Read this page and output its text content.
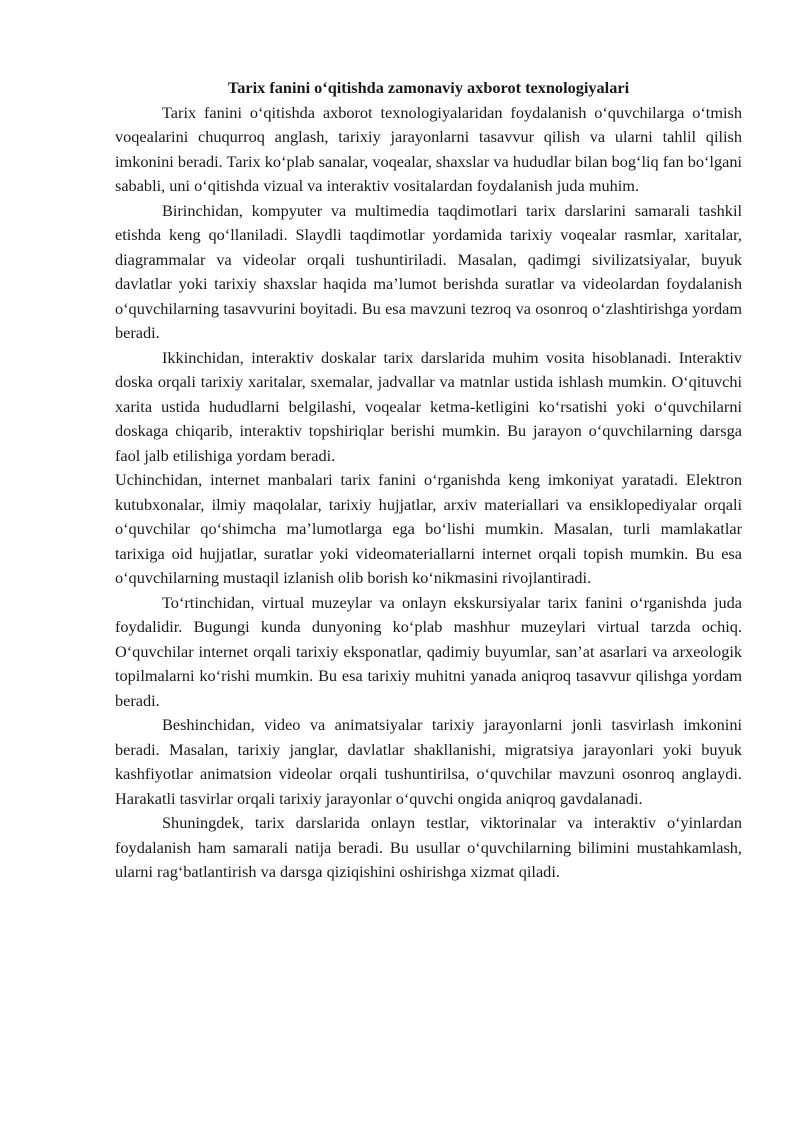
Tarix fanini o‘qitishda zamonaviy axborot texnologiyalari

Tarix fanini o‘qitishda axborot texnologiyalaridan foydalanish o‘quvchilarga o‘tmish voqealarini chuqurroq anglash, tarixiy jarayonlarni tasavvur qilish va ularni tahlil qilish imkonini beradi. Tarix ko‘plab sanalar, voqealar, shaxslar va hududlar bilan bog‘liq fan bo‘lgani sababli, uni o‘qitishda vizual va interaktiv vositalardan foydalanish juda muhim.

Birinchidan, kompyuter va multimedia taqdimotlari tarix darslarini samarali tashkil etishda keng qo‘llaniladi. Slaydli taqdimotlar yordamida tarixiy voqealar rasmlar, xaritalar, diagrammalar va videolar orqali tushuntiriladi. Masalan, qadimgi sivilizatsiyalar, buyuk davlatlar yoki tarixiy shaxslar haqida ma’lumot berishda suratlar va videolardan foydalanish o‘quvchilarning tasavvurini boyitadi. Bu esa mavzuni tezroq va osonroq o‘zlashtirishga yordam beradi.

Ikkinchidan, interaktiv doskalar tarix darslarida muhim vosita hisoblanadi. Interaktiv doska orqali tarixiy xaritalar, sxemalar, jadvallar va matnlar ustida ishlash mumkin. O‘qituvchi xarita ustida hududlarni belgilashi, voqealar ketma-ketligini ko‘rsatishi yoki o‘quvchilarni doskaga chiqarib, interaktiv topshiriqlar berishi mumkin. Bu jarayon o‘quvchilarning darsga faol jalb etilishiga yordam beradi.

Uchinchidan, internet manbalari tarix fanini o‘rganishda keng imkoniyat yaratadi. Elektron kutubxonalar, ilmiy maqolalar, tarixiy hujjatlar, arxiv materiallari va ensiklopediyalar orqali o‘quvchilar qo‘shimcha ma’lumotlarga ega bo‘lishi mumkin. Masalan, turli mamlakatlar tarixiga oid hujjatlar, suratlar yoki videomateriallarni internet orqali topish mumkin. Bu esa o‘quvchilarning mustaqil izlanish olib borish ko‘nikmasini rivojlantiradi.

To‘rtinchidan, virtual muzeylar va onlayn ekskursiyalar tarix fanini o‘rganishda juda foydalidir. Bugungi kunda dunyoning ko‘plab mashhur muzeylari virtual tarzda ochiq. O‘quvchilar internet orqali tarixiy eksponatlar, qadimiy buyumlar, san’at asarlari va arxeologik topilmalarni ko‘rishi mumkin. Bu esa tarixiy muhitni yanada aniqroq tasavvur qilishga yordam beradi.

Beshinchidan, video va animatsiyalar tarixiy jarayonlarni jonli tasvirlash imkonini beradi. Masalan, tarixiy janglar, davlatlar shakllanishi, migratsiya jarayonlari yoki buyuk kashfiyotlar animatsion videolar orqali tushuntirilsa, o‘quvchilar mavzuni osonroq anglaydi. Harakatli tasvirlar orqali tarixiy jarayonlar o‘quvchi ongida aniqroq gavdalanadi.

Shuningdek, tarix darslarida onlayn testlar, viktorinalar va interaktiv o‘yinlardan foydalanish ham samarali natija beradi. Bu usullar o‘quvchilarning bilimini mustahkamlash, ularni rag‘batlantirish va darsga qiziqishini oshirishga xizmat qiladi.
